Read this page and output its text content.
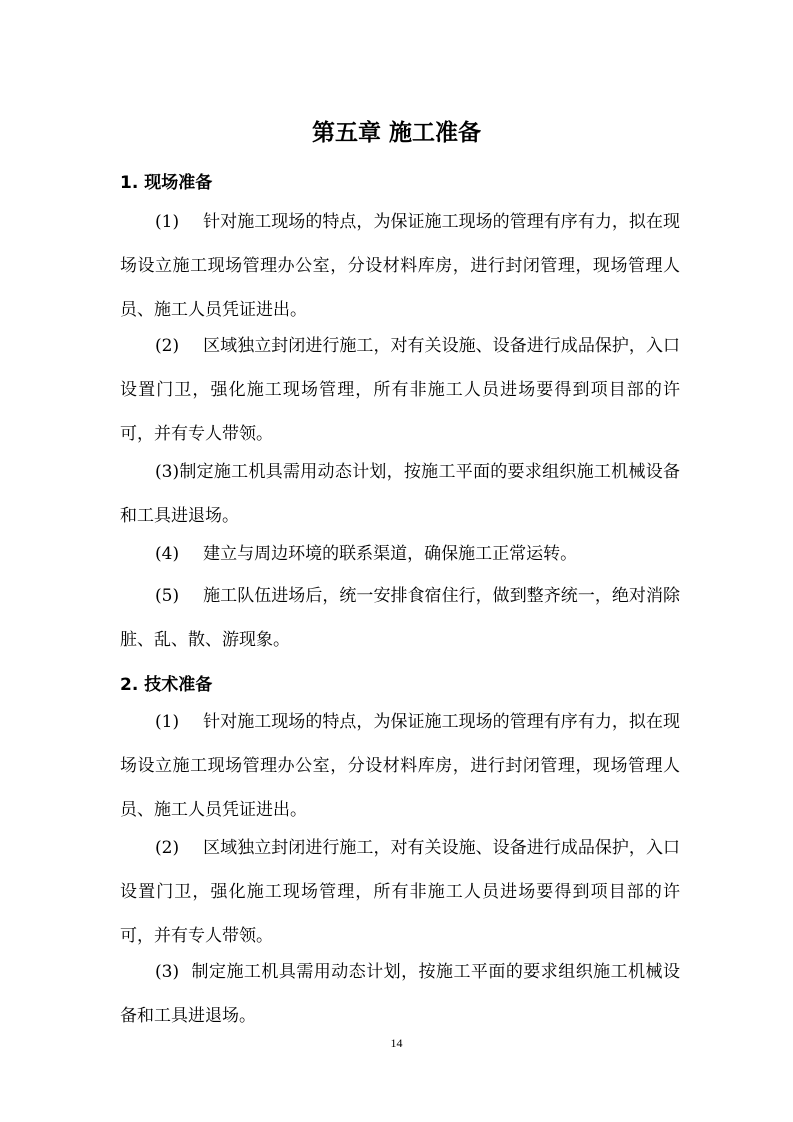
第五章 施工准备
1. 现场准备
(1) 针对施工现场的特点，为保证施工现场的管理有序有力，拟在现场设立施工现场管理办公室，分设材料库房，进行封闭管理，现场管理人员、施工人员凭证进出。
(2) 区域独立封闭进行施工，对有关设施、设备进行成品保护，入口设置门卫，强化施工现场管理，所有非施工人员进场要得到项目部的许可，并有专人带领。
(3)制定施工机具需用动态计划，按施工平面的要求组织施工机械设备和工具进退场。
(4) 建立与周边环境的联系渠道，确保施工正常运转。
(5) 施工队伍进场后，统一安排食宿住行，做到整齐统一，绝对消除脏、乱、散、游现象。
2. 技术准备
(1) 针对施工现场的特点，为保证施工现场的管理有序有力，拟在现场设立施工现场管理办公室，分设材料库房，进行封闭管理，现场管理人员、施工人员凭证进出。
(2) 区域独立封闭进行施工，对有关设施、设备进行成品保护，入口设置门卫，强化施工现场管理，所有非施工人员进场要得到项目部的许可，并有专人带领。
(3) 制定施工机具需用动态计划，按施工平面的要求组织施工机械设备和工具进退场。
14
